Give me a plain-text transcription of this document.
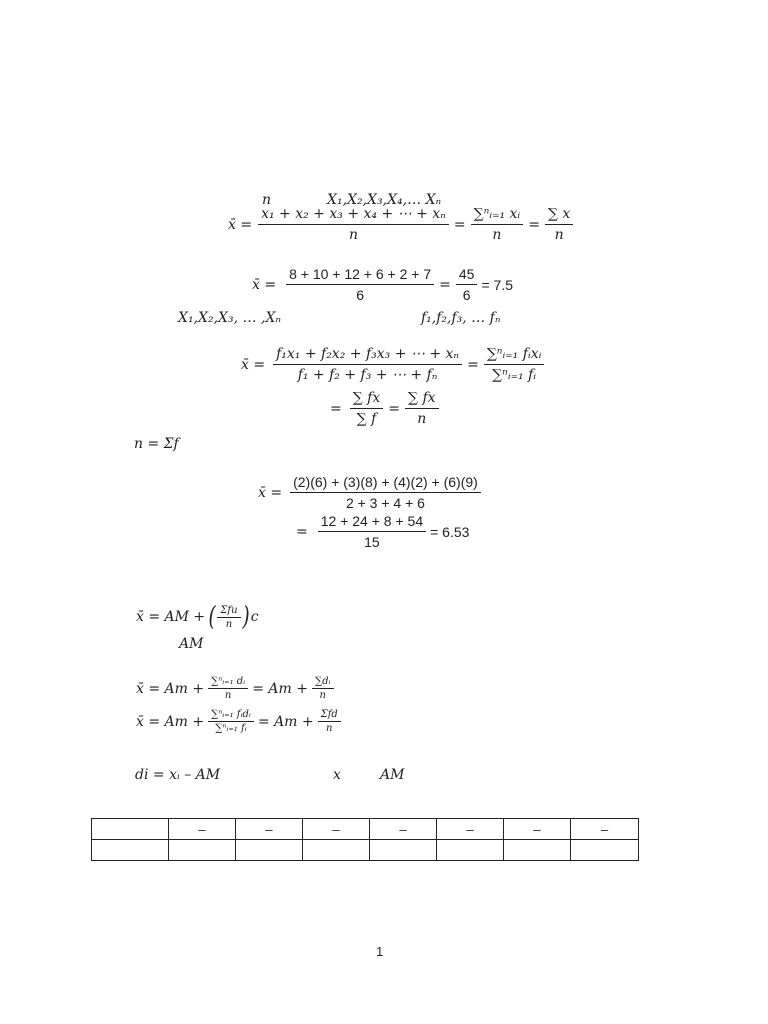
n	X₁,X₂,X₃,X₄,… Xₙ
x̄ = $\frac{\text{x₁ + x₂ + x₃ + x₄ + ⋯ + xₙ}}{n} = \frac{\text{∑ⁿᵢ₌₁ xᵢ}}{n} = \frac{\sum x}{n}$
x̄ = $\frac{8 + 10 + 12 + 6 + 2 + 7}{6} = \frac{45}{6} = 7.5$
X₁,X₂,X₃, … ,Xₙ	f₁,f₂,f₃, … fₙ
x̄ = $\frac{\text{f₁x₁ + f₂x₂ + f₃x₃ + ⋯ + xₙ}}{\text{f₁ + f₂ + f₃ + ⋯ + fₙ}} = \frac{\text{∑ⁿᵢ₌₁ fᵢxᵢ}}{\text{∑ⁿᵢ₌₁ fᵢ}}$
= $\frac{\sum fx}{\sum f} = \frac{\sum fx}{n}$
n = Σf
x̄ = $\frac{(2)(6) + (3)(8) + (4)(2) + (6)(9)}{2 + 3 + 4 + 6}$
= $\frac{12 + 24 + 8 + 54}{15} = 6.53$
x̄ = AM + ( $\frac{\text{Σfu}}{n}$ ) c
AM
x̄ = $Am + \frac{\text{∑ⁿᵢ₌₁ dᵢ}}{n} = Am + \frac{\text{∑dᵢ}}{n}$
x̄ = $Am + \frac{\text{∑ⁿᵢ₌₁ fᵢdᵢ}}{\text{∑ⁿᵢ₌₁ fᵢ}} = Am + \frac{\text{Σfd}}{n}$
di = xᵢ – AM	x	AM
	–	–	–	–	–	–	–

1
